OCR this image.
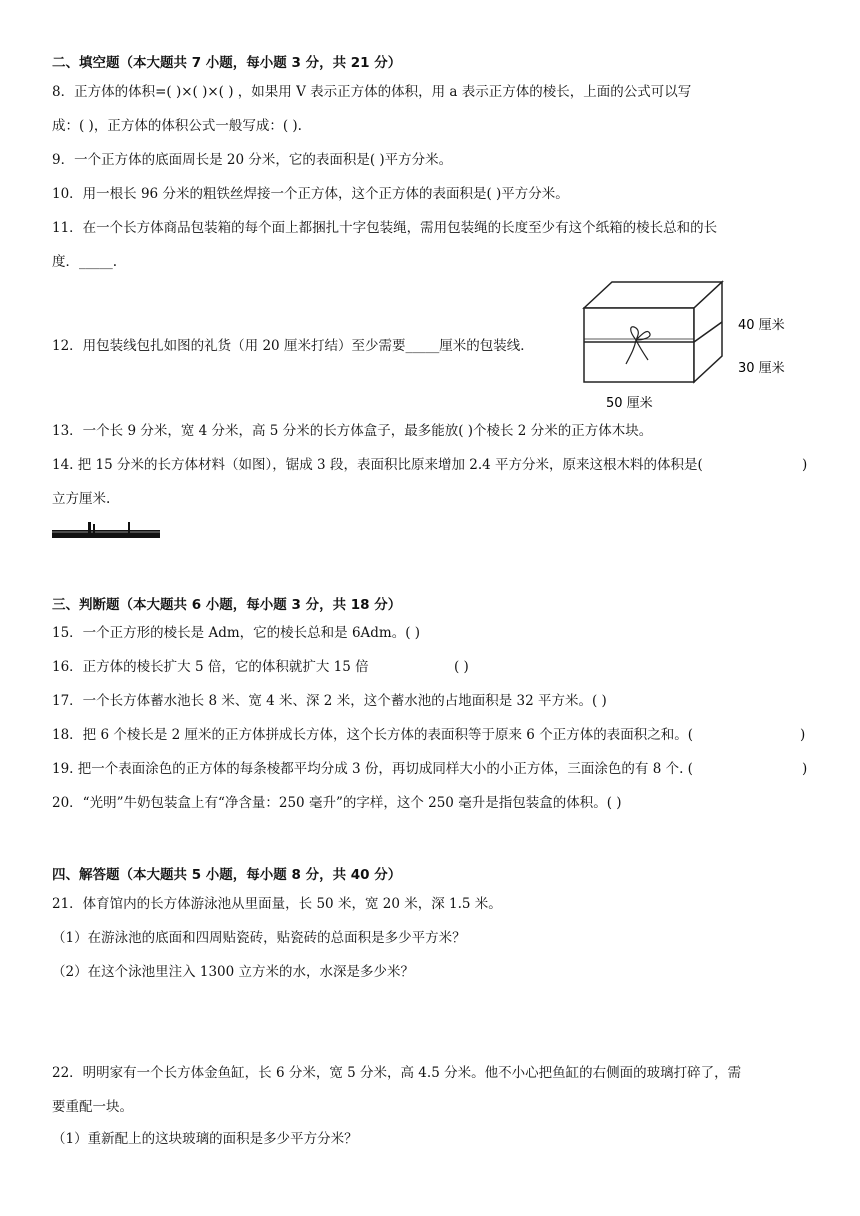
二、填空题（本大题共 7 小题，每小题 3 分，共 21 分）
8．正方体的体积=( )×( )×( ) ，如果用 V 表示正方体的体积，用 a 表示正方体的棱长，上面的公式可以写
成：( )，正方体的体积公式一般写成：( ).
9．一个正方体的底面周长是 20 分米，它的表面积是( )平方分米。
10．用一根长 96 分米的粗铁丝焊接一个正方体，这个正方体的表面积是( )平方分米。
11．在一个长方体商品包装箱的每个面上都捆扎十字包装绳，需用包装绳的长度至少有这个纸箱的棱长总和的长
度．_____.
12．用包装线包扎如图的礼货（用 20 厘米打结）至少需要_____厘米的包装线．
40 厘米
30 厘米
50 厘米
13．一个长 9 分米，宽 4 分米，高 5 分米的长方体盒子，最多能放( )个棱长 2 分米的正方体木块。
14. 把 15 分米的长方体材料（如图），锯成 3 段，表面积比原来增加 2.4 平方分米，原来这根木料的体积是(	)
立方厘米.
三、判断题（本大题共 6 小题，每小题 3 分，共 18 分）
15．一个正方形的棱长是 Adm，它的棱长总和是 6Adm。( )
16．正方体的棱长扩大 5 倍，它的体积就扩大 15 倍	( )
17．一个长方体蓄水池长 8 米、宽 4 米、深 2 米，这个蓄水池的占地面积是 32 平方米。( )
18．把 6 个棱长是 2 厘米的正方体拼成长方体，这个长方体的表面积等于原来 6 个正方体的表面积之和。(	)
19. 把一个表面涂色的正方体的每条棱都平均分成 3 份，再切成同样大小的小正方体，三面涂色的有 8 个. (	)
20．“光明”牛奶包装盒上有“净含量：250 毫升”的字样，这个 250 毫升是指包装盒的体积。( )
四、解答题（本大题共 5 小题，每小题 8 分，共 40 分）
21．体育馆内的长方体游泳池从里面量，长 50 米，宽 20 米，深 1.5 米。
（1）在游泳池的底面和四周贴瓷砖，贴瓷砖的总面积是多少平方米？
（2）在这个泳池里注入 1300 立方米的水，水深是多少米？
22．明明家有一个长方体金鱼缸，长 6 分米，宽 5 分米，高 4.5 分米。他不小心把鱼缸的右侧面的玻璃打碎了，需
要重配一块。
（1）重新配上的这块玻璃的面积是多少平方分米？
